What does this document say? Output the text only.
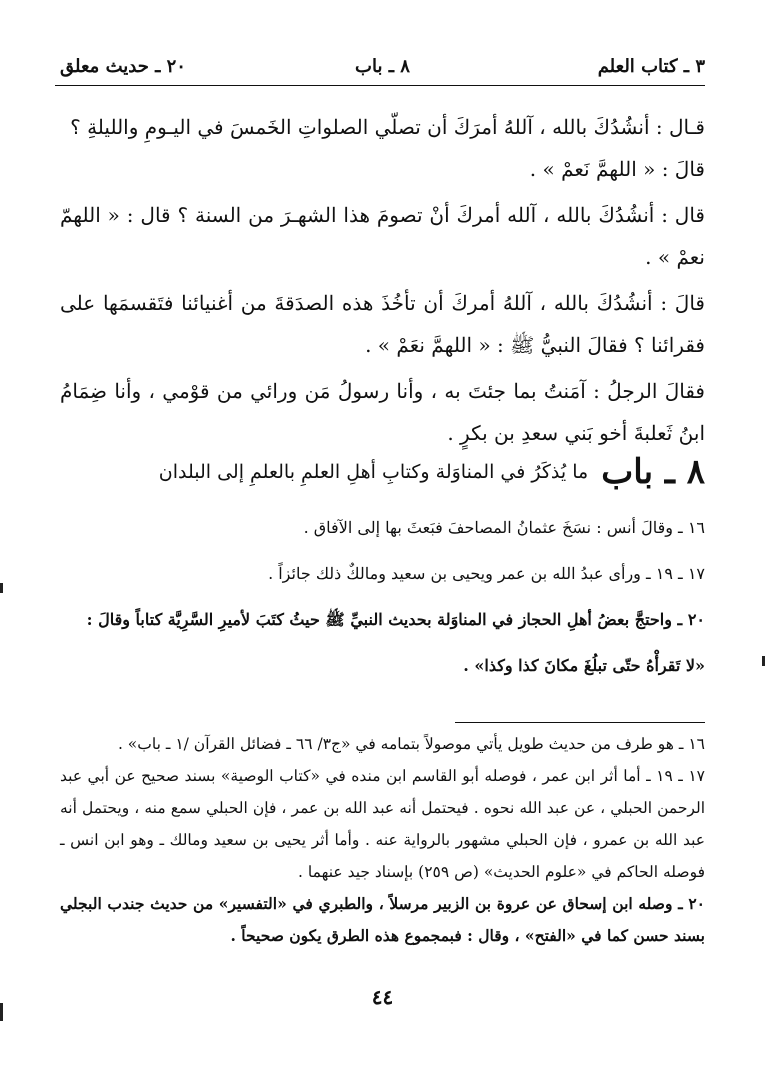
٣ ـ كتاب العلم
٨ ـ باب
٢٠ ـ حديث معلق

قـال : أنشُدُكَ بالله ، آللهُ أمرَكَ أن تصلّي الصلواتِ الخَمسَ في اليـومِ والليلةِ ؟

قالَ : « اللهمَّ نَعمْ » .

قال : أنشُدُكَ بالله ، آلله أمركَ أنْ تصومَ هذا الشهـرَ من السنة ؟ قال : « اللهمّ نعمْ » .

قالَ : أنشُدُكَ بالله ، آللهُ أمركَ أن تأخُذَ هذه الصدَقةَ من أغنيائنا فتَقسمَها على فقرائنا ؟ فقالَ النبيُّ ﷺ : « اللهمَّ نعَمْ » .

فقالَ الرجلُ : آمَنتُ بما جئتَ به ، وأنا رسولُ مَن ورائي من قوْمي ، وأنا ضِمَامُ ابنُ ثَعلبةَ أخو بَني سعدِ بن بكرٍ .

٨ ـ باب ما يُذكَرُ في المناوَلة وكتابِ أهلِ العلمِ بالعلمِ إلى البلدان

١٦ ـ وقالَ أنس : نسَخَ عثمانُ المصاحفَ فبَعثَ بها إلى الآفاق .

١٧ ـ ١٩ ـ ورأى عبدُ الله بن عمر ويحيى بن سعيد ومالكٌ ذلك جائزاً .

٢٠ ـ واحتجَّ بعضُ أهلِ الحجاز في المناوَلة بحديث النبيِّ ﷺ حيثُ كتَبَ لأميرِ السَّرِيَّة كتاباً وقالَ :

«لا تَقرأْهُ حتّى تبلُغَ مكانَ كذا وكذا» .

١٦ ـ هو طرف من حديث طويل يأتي موصولاً بتمامه في «ج٣/ ٦٦ ـ فضائل القرآن /١ ـ باب» .

١٧ ـ ١٩ ـ أما أثر ابن عمر ، فوصله أبو القاسم ابن منده في «كتاب الوصية» بسند صحيح عن أبي عبد الرحمن الحبلي ، عن عبد الله نحوه . فيحتمل أنه عبد الله بن عمر ، فإن الحبلي سمع منه ، ويحتمل أنه عبد الله بن عمرو ، فإن الحبلي مشهور بالرواية عنه . وأما أثر يحيى بن سعيد ومالك ـ وهو ابن انس ـ فوصله الحاكم في «علوم الحديث» (ص ٢٥٩) بإسناد جيد عنهما .

٢٠ ـ وصله ابن إسحاق عن عروة بن الزبير مرسلاً ، والطبري في «التفسير» من حديث جندب البجلي بسند حسن كما في «الفتح» ، وقال : فبمجموع هذه الطرق يكون صحيحاً .

٤٤
